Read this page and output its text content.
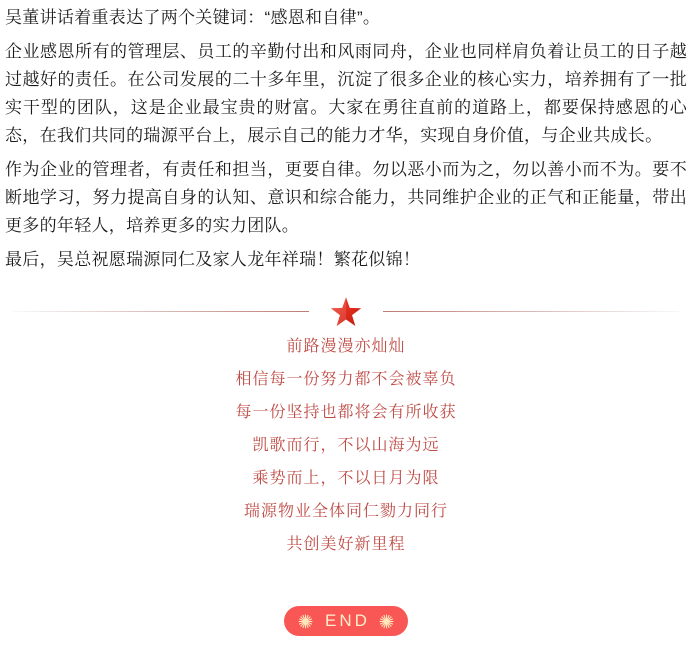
吴董讲话着重表达了两个关键词：“感恩和自律”。

企业感恩所有的管理层、员工的辛勤付出和风雨同舟，企业也同样肩负着让员工的日子越过越好的责任。在公司发展的二十多年里，沉淀了很多企业的核心实力，培养拥有了一批实干型的团队，这是企业最宝贵的财富。大家在勇往直前的道路上，都要保持感恩的心态，在我们共同的瑞源平台上，展示自己的能力才华，实现自身价值，与企业共成长。

作为企业的管理者，有责任和担当，更要自律。勿以恶小而为之，勿以善小而不为。要不断地学习，努力提高自身的认知、意识和综合能力，共同维护企业的正气和正能量，带出更多的年轻人，培养更多的实力团队。

最后，吴总祝愿瑞源同仁及家人龙年祥瑞！繁花似锦！

前路漫漫亦灿灿
相信每一份努力都不会被辜负
每一份坚持也都将会有所收获
凯歌而行，不以山海为远
乘势而上，不以日月为限
瑞源物业全体同仁勠力同行
共创美好新里程
END
